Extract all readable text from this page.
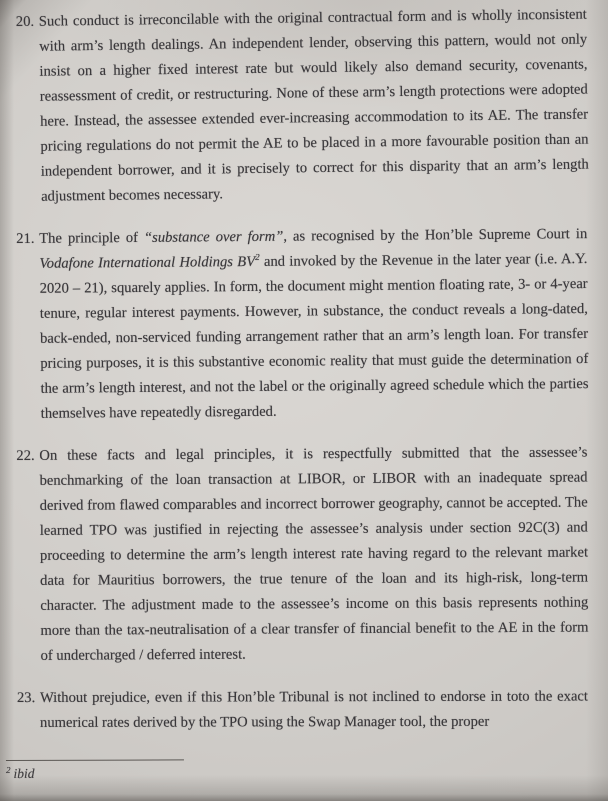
20. Such conduct is irreconcilable with the original contractual form and is wholly inconsistent with arm’s length dealings. An independent lender, observing this pattern, would not only insist on a higher fixed interest rate but would likely also demand security, covenants, reassessment of credit, or restructuring. None of these arm’s length protections were adopted here. Instead, the assessee extended ever-increasing accommodation to its AE. The transfer pricing regulations do not permit the AE to be placed in a more favourable position than an independent borrower, and it is precisely to correct for this disparity that an arm’s length adjustment becomes necessary.
21. The principle of “substance over form”, as recognised by the Hon’ble Supreme Court in Vodafone International Holdings BV$^2$ and invoked by the Revenue in the later year (i.e. A.Y. 2020 – 21), squarely applies. In form, the document might mention floating rate, 3- or 4-year tenure, regular interest payments. However, in substance, the conduct reveals a long-dated, back-ended, non-serviced funding arrangement rather that an arm’s length loan. For transfer pricing purposes, it is this substantive economic reality that must guide the determination of the arm’s length interest, and not the label or the originally agreed schedule which the parties themselves have repeatedly disregarded.
22. On these facts and legal principles, it is respectfully submitted that the assessee’s benchmarking of the loan transaction at LIBOR, or LIBOR with an inadequate spread derived from flawed comparables and incorrect borrower geography, cannot be accepted. The learned TPO was justified in rejecting the assessee’s analysis under section 92C(3) and proceeding to determine the arm’s length interest rate having regard to the relevant market data for Mauritius borrowers, the true tenure of the loan and its high-risk, long-term character. The adjustment made to the assessee’s income on this basis represents nothing more than the tax-neutralisation of a clear transfer of financial benefit to the AE in the form of undercharged / deferred interest.
23. Without prejudice, even if this Hon’ble Tribunal is not inclined to endorse in toto the exact numerical rates derived by the TPO using the Swap Manager tool, the proper
$^2$ ibid
